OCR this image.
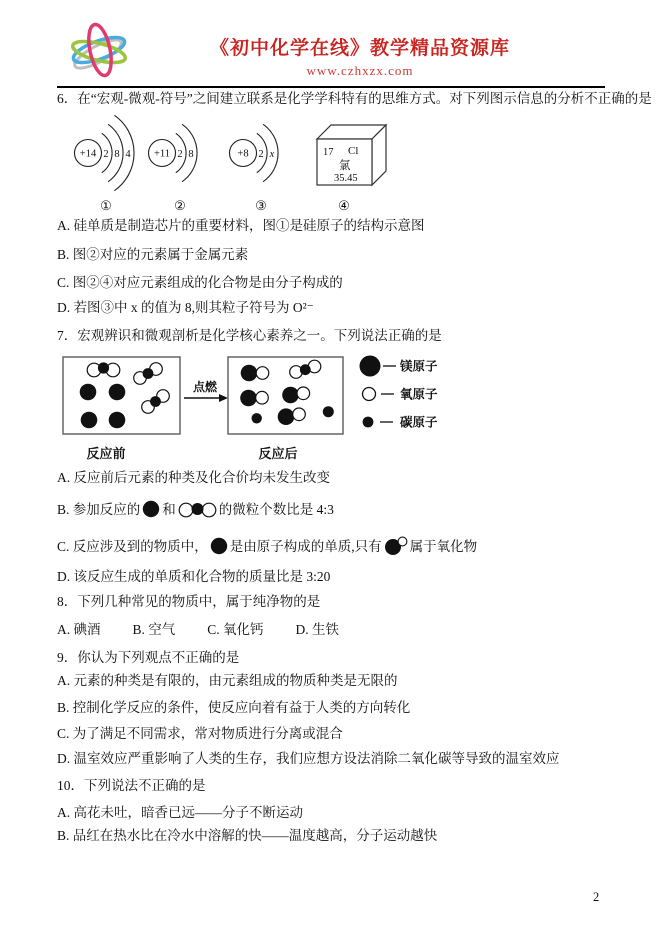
《初中化学在线》教学精品资源库
www.czhxzx.com
6．在“宏观-微观-符号”之间建立联系是化学学科特有的思维方式。对下列图示信息的分析不正确的是
+14 2 8 4 +11 2 8	+8 2 x	17 Cl
氯
35.45
①	②	③	④
A. 硅单质是制造芯片的重要材料，图①是硅原子的结构示意图
B. 图②对应的元素属于金属元素
C. 图②④对应元素组成的化合物是由分子构成的
D. 若图③中 x 的值为 8,则其粒子符号为 O²⁻
7．宏观辨识和微观剖析是化学核心素养之一。下列说法正确的是
点燃
镁原子
氧原子
碳原子
反应前	反应后
A. 反应前后元素的种类及化合价均未发生改变
B. 参加反应的 和	的微粒个数比是 4:3
C. 反应涉及到的物质中， 是由原子构成的单质,只有 属于氧化物
D. 该反应生成的单质和化合物的质量比是 3:20
8．下列几种常见的物质中，属于纯净物的是
A. 碘酒 B. 空气 C. 氧化钙 D. 生铁
9．你认为下列观点不正确的是
A. 元素的种类是有限的，由元素组成的物质种类是无限的
B. 控制化学反应的条件，使反应向着有益于人类的方向转化
C. 为了满足不同需求，常对物质进行分离或混合
D. 温室效应严重影响了人类的生存，我们应想方设法消除二氧化碳等导致的温室效应
10．下列说法不正确的是
A. 高花未吐，暗香已远——分子不断运动
B. 品红在热水比在冷水中溶解的快——温度越高，分子运动越快
2
